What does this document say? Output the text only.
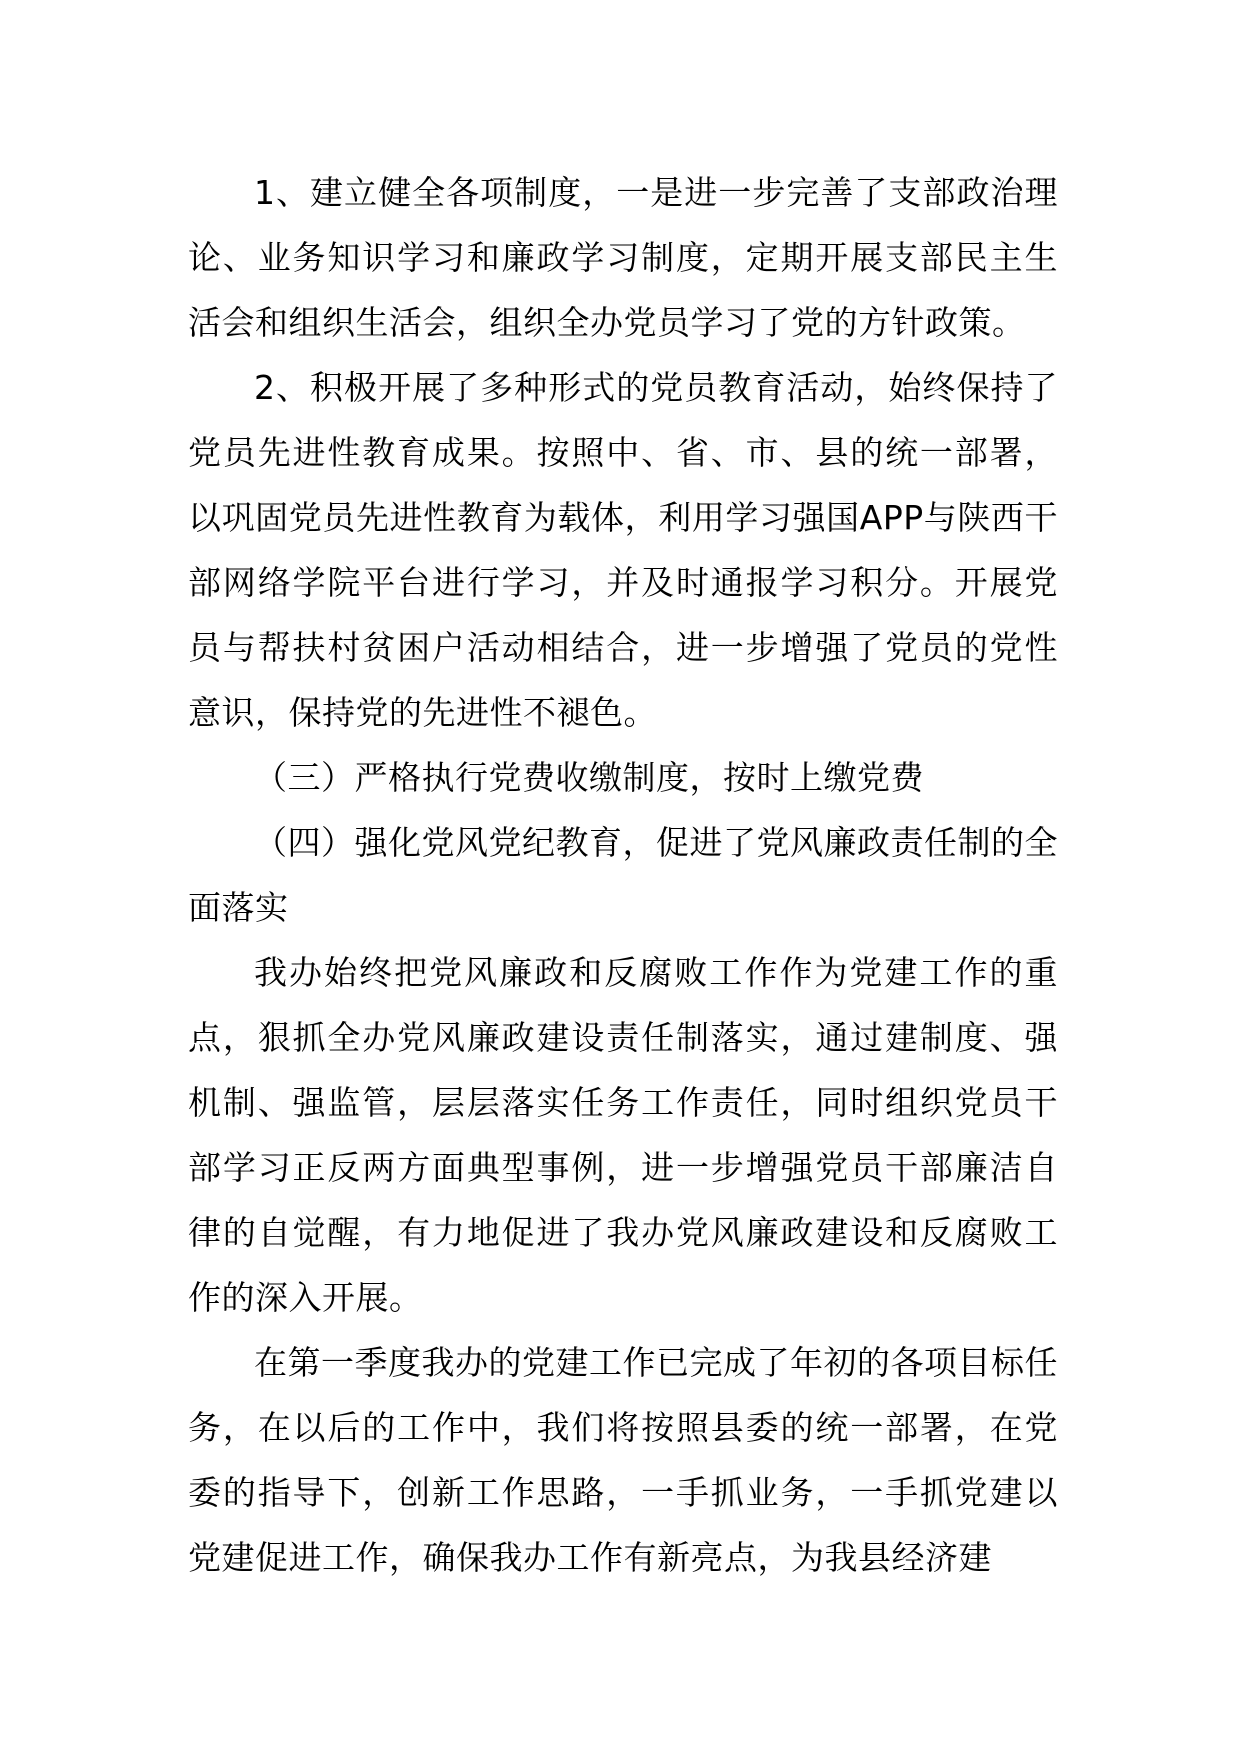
1、建立健全各项制度，一是进一步完善了支部政治理论、业务知识学习和廉政学习制度，定期开展支部民主生活会和组织生活会，组织全办党员学习了党的方针政策。

2、积极开展了多种形式的党员教育活动，始终保持了党员先进性教育成果。按照中、省、市、县的统一部署，以巩固党员先进性教育为载体，利用学习强国APP与陕西干部网络学院平台进行学习，并及时通报学习积分。开展党员与帮扶村贫困户活动相结合，进一步增强了党员的党性意识，保持党的先进性不褪色。

（三）严格执行党费收缴制度，按时上缴党费

（四）强化党风党纪教育，促进了党风廉政责任制的全面落实

我办始终把党风廉政和反腐败工作作为党建工作的重点，狠抓全办党风廉政建设责任制落实，通过建制度、强机制、强监管，层层落实任务工作责任，同时组织党员干部学习正反两方面典型事例，进一步增强党员干部廉洁自律的自觉醒，有力地促进了我办党风廉政建设和反腐败工作的深入开展。

在第一季度我办的党建工作已完成了年初的各项目标任务，在以后的工作中，我们将按照县委的统一部署，在党委的指导下，创新工作思路，一手抓业务，一手抓党建以党建促进工作，确保我办工作有新亮点，为我县经济建
